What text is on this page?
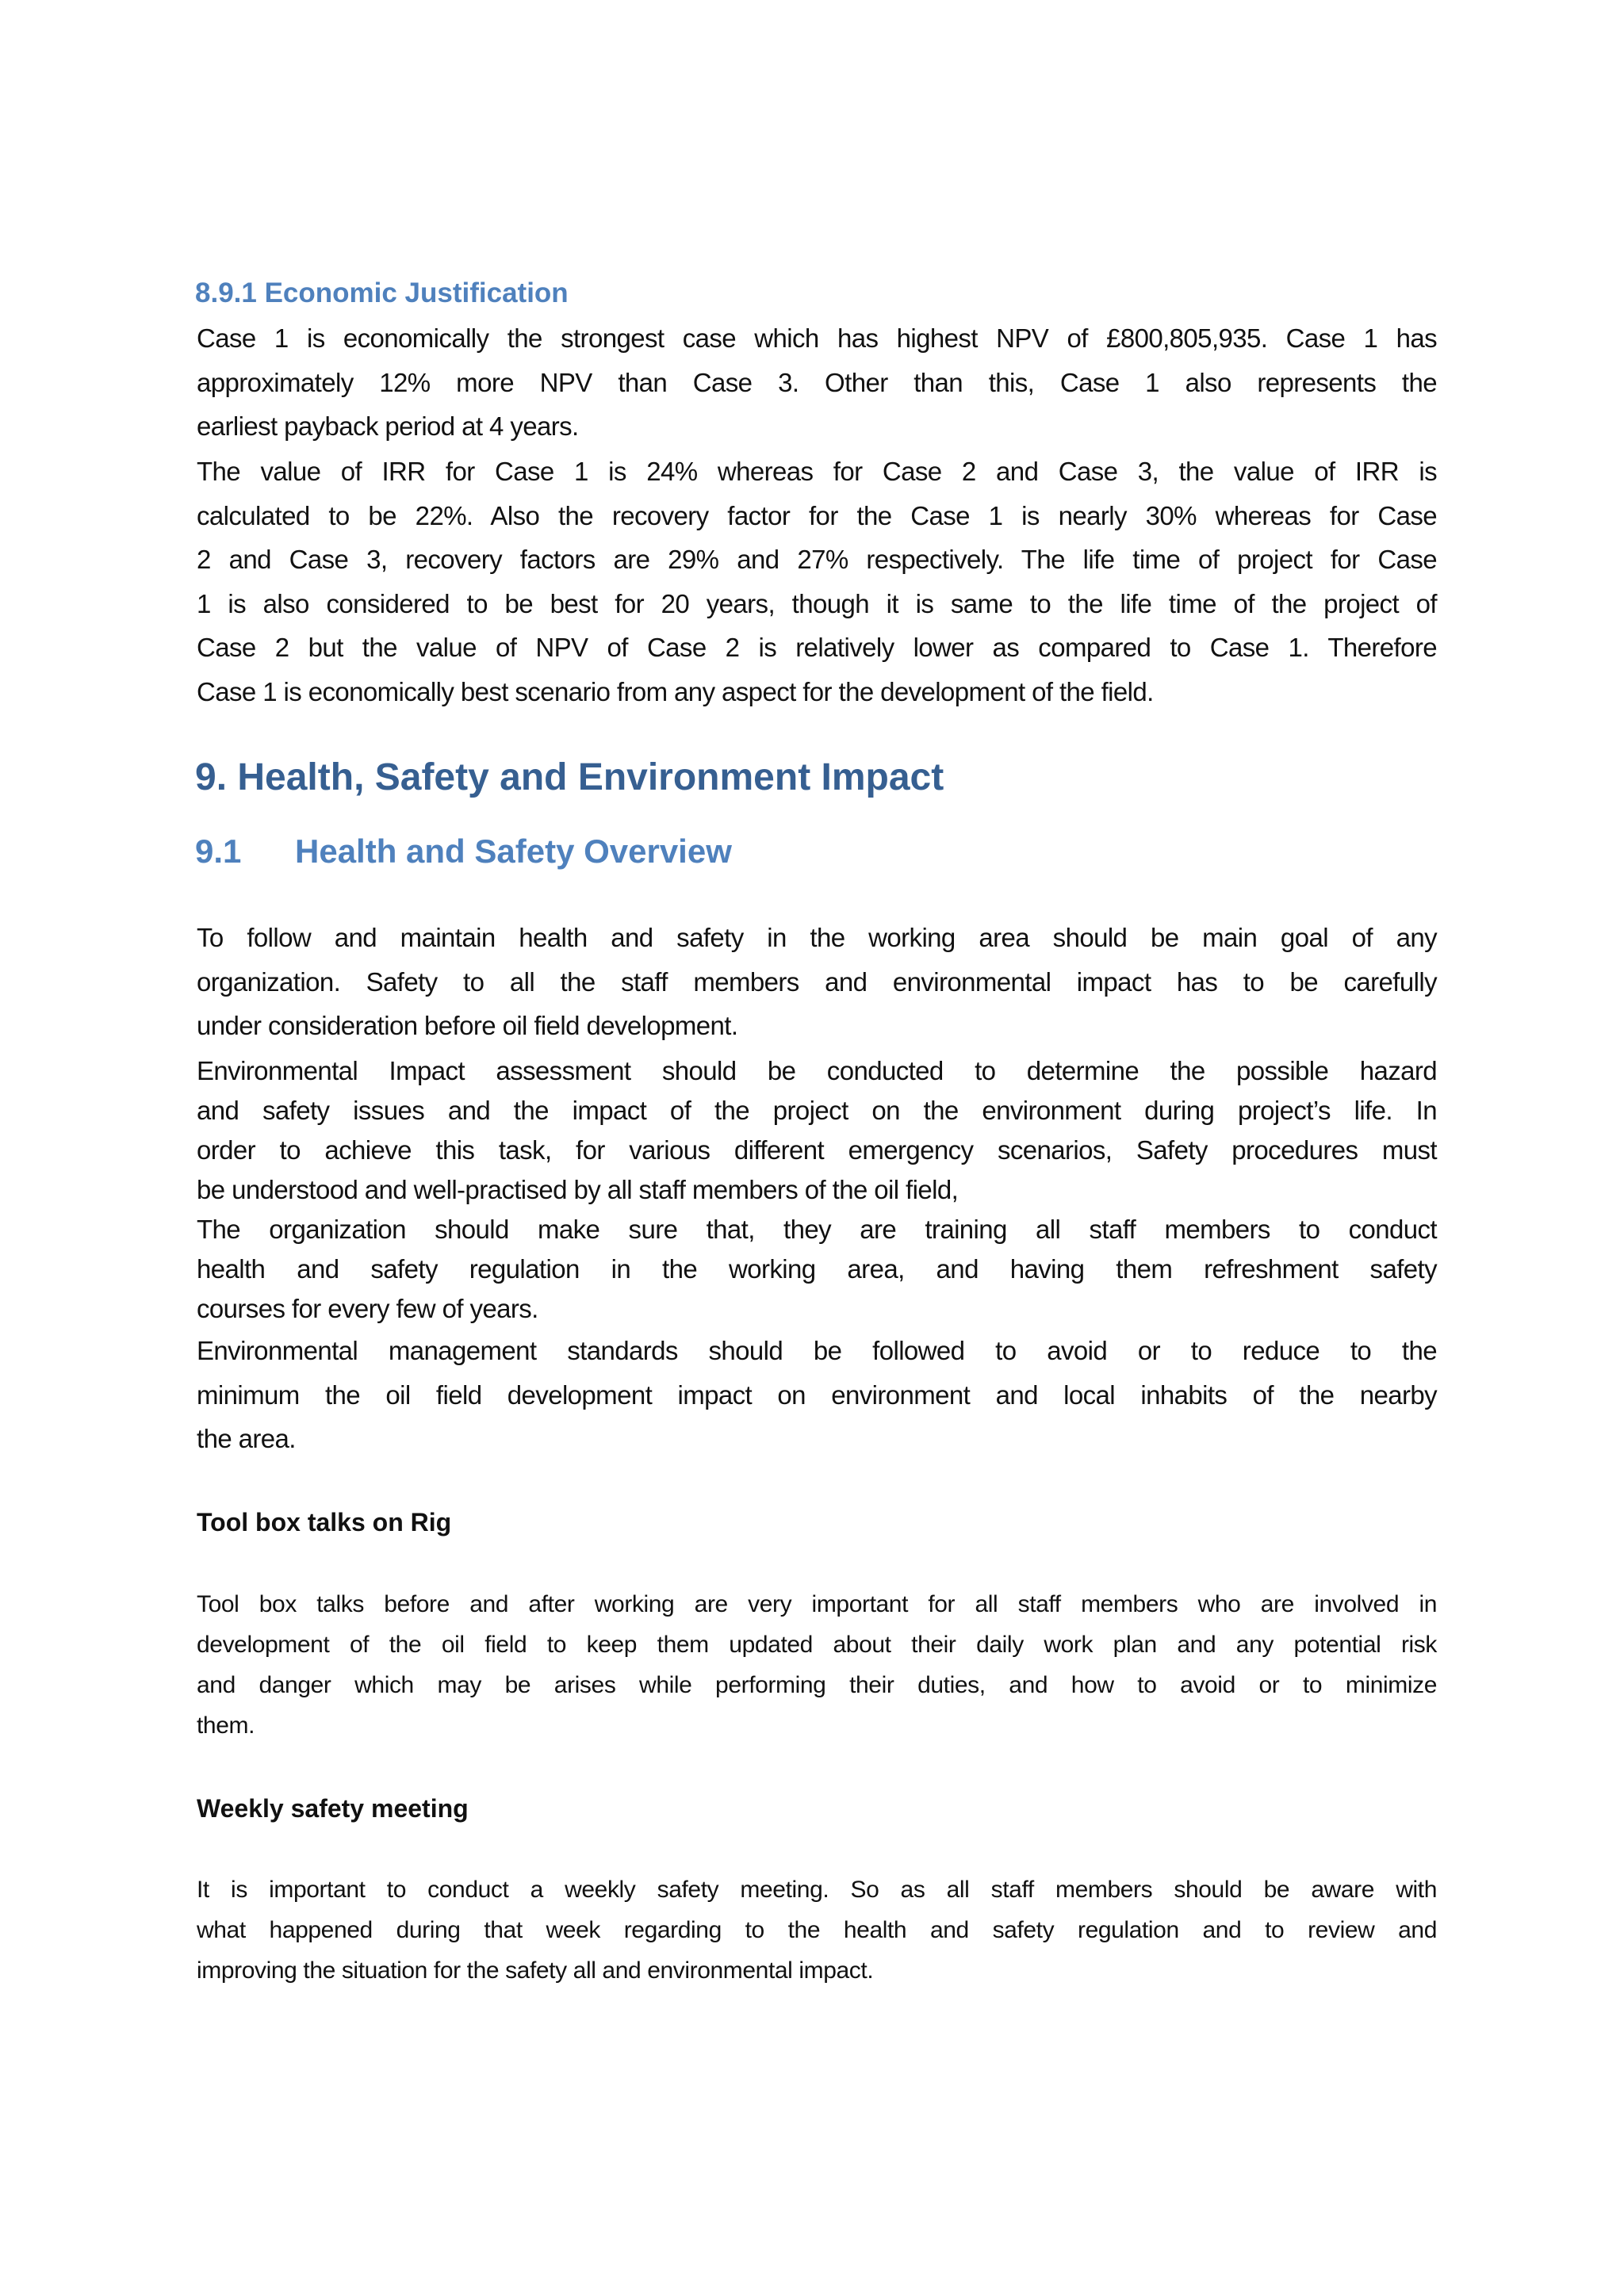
8.9.1 Economic Justification
Case 1 is economically the strongest case which has highest NPV of £800,805,935. Case 1 has
approximately 12% more NPV than Case 3. Other than this, Case 1 also represents the
earliest payback period at 4 years.
The value of IRR for Case 1 is 24% whereas for Case 2 and Case 3, the value of IRR is
calculated to be 22%. Also the recovery factor for the Case 1 is nearly 30% whereas for Case
2 and Case 3, recovery factors are 29% and 27% respectively. The life time of project for Case
1 is also considered to be best for 20 years, though it is same to the life time of the project of
Case 2 but the value of NPV of Case 2 is relatively lower as compared to Case 1. Therefore
Case 1 is economically best scenario from any aspect for the development of the field.
9. Health, Safety and Environment Impact
9.1 Health and Safety Overview
To follow and maintain health and safety in the working area should be main goal of any
organization. Safety to all the staff members and environmental impact has to be carefully
under consideration before oil field development.
Environmental Impact assessment should be conducted to determine the possible hazard
and safety issues and the impact of the project on the environment during project’s life. In
order to achieve this task, for various different emergency scenarios, Safety procedures must
be understood and well-practised by all staff members of the oil field,
The organization should make sure that, they are training all staff members to conduct
health and safety regulation in the working area, and having them refreshment safety
courses for every few of years.
Environmental management standards should be followed to avoid or to reduce to the
minimum the oil field development impact on environment and local inhabits of the nearby
the area.
Tool box talks on Rig
Tool box talks before and after working are very important for all staff members who are involved in
development of the oil field to keep them updated about their daily work plan and any potential risk
and danger which may be arises while performing their duties, and how to avoid or to minimize
them.
Weekly safety meeting
It is important to conduct a weekly safety meeting. So as all staff members should be aware with
what happened during that week regarding to the health and safety regulation and to review and
improving the situation for the safety all and environmental impact.
